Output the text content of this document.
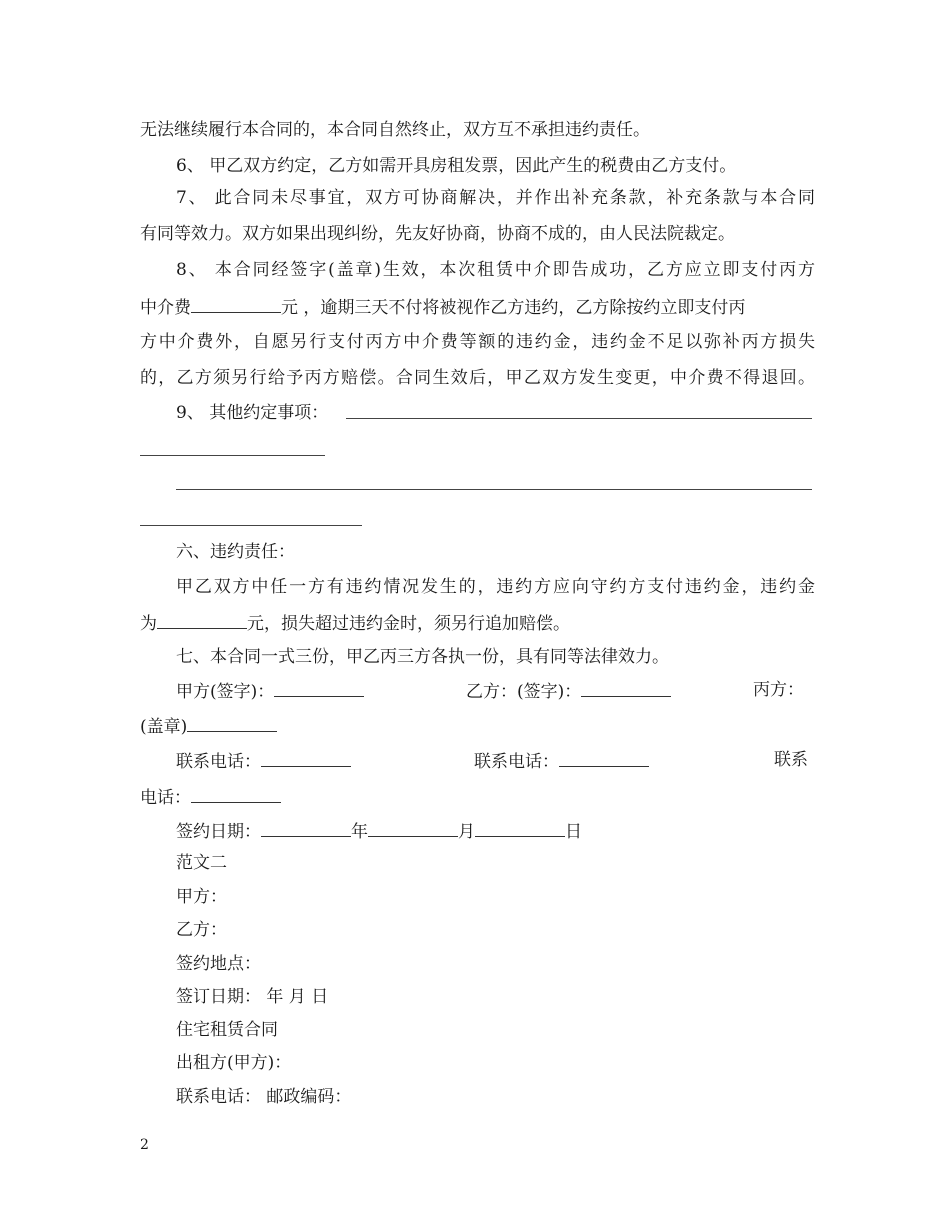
无法继续履行本合同的，本合同自然终止，双方互不承担违约责任。
6、 甲乙双方约定，乙方如需开具房租发票，因此产生的税费由乙方支付。
7、 此合同未尽事宜，双方可协商解决，并作出补充条款，补充条款与本合同
有同等效力。双方如果出现纠纷，先友好协商，协商不成的，由人民法院裁定。
8、 本合同经签字(盖章)生效，本次租赁中介即告成功，乙方应立即支付丙方
中介费	元 ，逾期三天不付将被视作乙方违约，乙方除按约立即支付丙
方中介费外，自愿另行支付丙方中介费等额的违约金，违约金不足以弥补丙方损失
的，乙方须另行给予丙方赔偿。合同生效后，甲乙双方发生变更，中介费不得退回。
9、 其他约定事项：
六、违约责任：
甲乙双方中任一方有违约情况发生的，违约方应向守约方支付违约金，违约金
为	元，损失超过违约金时，须另行追加赔偿。
七、本合同一式三份，甲乙丙三方各执一份，具有同等法律效力。
甲方(签字)：	乙方：(签字)：	丙方：
(盖章)
联系电话：	联系电话：	联系
电话：
签约日期：	年	月	日
范文二
甲方：
乙方：
签约地点：
签订日期： 年 月 日
住宅租赁合同
出租方(甲方)：
联系电话： 邮政编码：
2
